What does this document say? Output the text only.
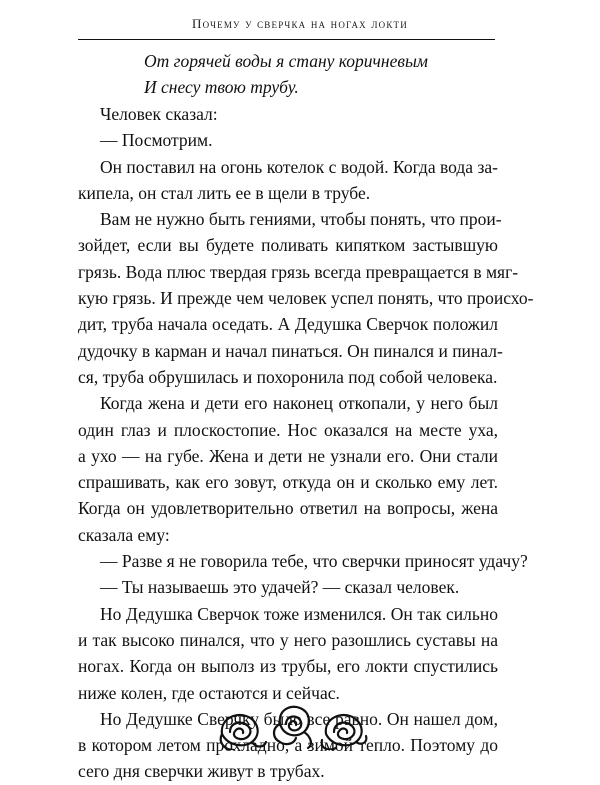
Почему у сверчка на ногах локти
От горячей воды я стану коричневым
И снесу твою трубу.
Человек сказал:
— Посмотрим.
Он поставил на огонь котелок с водой. Когда вода за-
кипела, он стал лить ее в щели в трубе.
Вам не нужно быть гениями, чтобы понять, что прои-
зойдет, если вы будете поливать кипятком застывшую
грязь. Вода плюс твердая грязь всегда превращается в мяг-
кую грязь. И прежде чем человек успел понять, что происхо-
дит, труба начала оседать. А Дедушка Сверчок положил
дудочку в карман и начал пинаться. Он пинался и пинал-
ся, труба обрушилась и похоронила под собой человека.
Когда жена и дети его наконец откопали, у него был
один глаз и плоскостопие. Нос оказался на месте уха,
а ухо — на губе. Жена и дети не узнали его. Они стали
спрашивать, как его зовут, откуда он и сколько ему лет.
Когда он удовлетворительно ответил на вопросы, жена
сказала ему:
— Разве я не говорила тебе, что сверчки приносят удачу?
— Ты называешь это удачей? — сказал человек.
Но Дедушка Сверчок тоже изменился. Он так сильно
и так высоко пинался, что у него разошлись суставы на
ногах. Когда он выполз из трубы, его локти спустились
ниже колен, где остаются и сейчас.
Но Дедушке Сверчку было все равно. Он нашел дом,
в котором летом прохладно, а зимой тепло. Поэтому до
сего дня сверчки живут в трубах.
